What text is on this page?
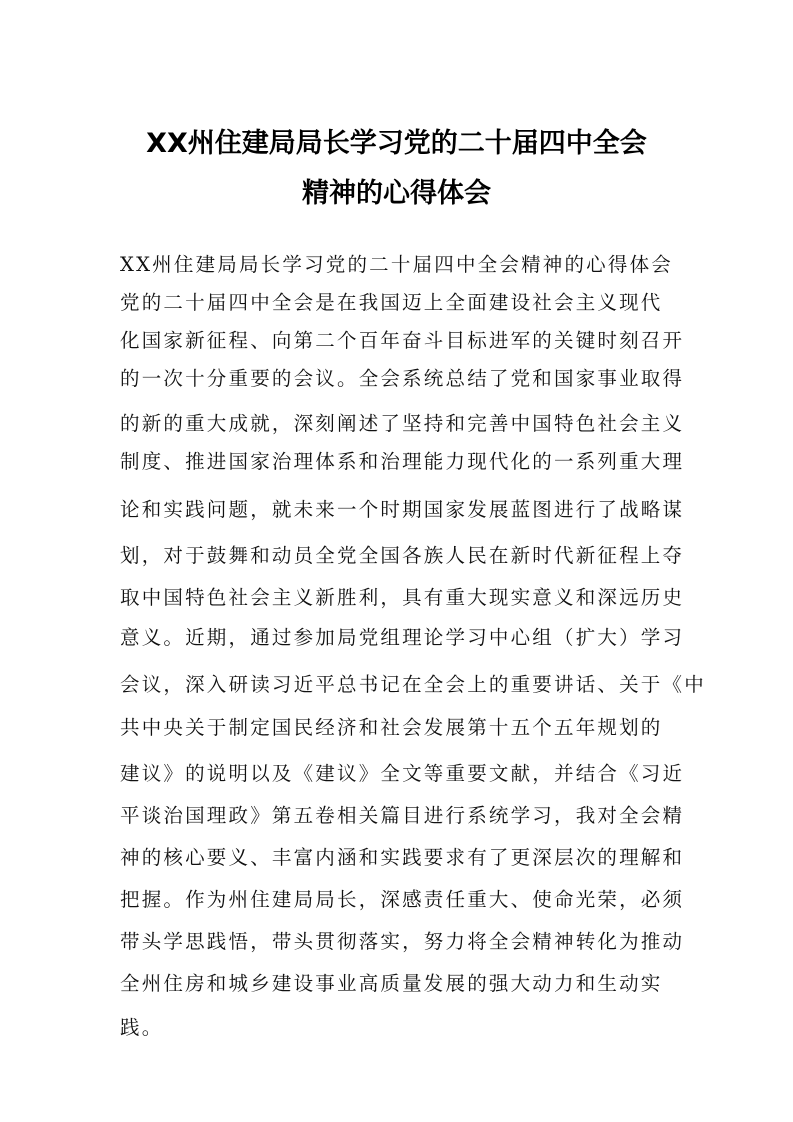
XX州住建局局长学习党的二十届四中全会
精神的心得体会
XX州住建局局长学习党的二十届四中全会精神的心得体会
党的二十届四中全会是在我国迈上全面建设社会主义现代
化国家新征程、向第二个百年奋斗目标进军的关键时刻召开
的一次十分重要的会议。全会系统总结了党和国家事业取得
的新的重大成就，深刻阐述了坚持和完善中国特色社会主义
制度、推进国家治理体系和治理能力现代化的一系列重大理
论和实践问题，就未来一个时期国家发展蓝图进行了战略谋
划，对于鼓舞和动员全党全国各族人民在新时代新征程上夺
取中国特色社会主义新胜利，具有重大现实意义和深远历史
意义。近期，通过参加局党组理论学习中心组（扩大）学习
会议，深入研读习近平总书记在全会上的重要讲话、关于《中
共中央关于制定国民经济和社会发展第十五个五年规划的
建议》的说明以及《建议》全文等重要文献，并结合《习近
平谈治国理政》第五卷相关篇目进行系统学习，我对全会精
神的核心要义、丰富内涵和实践要求有了更深层次的理解和
把握。作为州住建局局长，深感责任重大、使命光荣，必须
带头学思践悟，带头贯彻落实，努力将全会精神转化为推动
全州住房和城乡建设事业高质量发展的强大动力和生动实
践。
